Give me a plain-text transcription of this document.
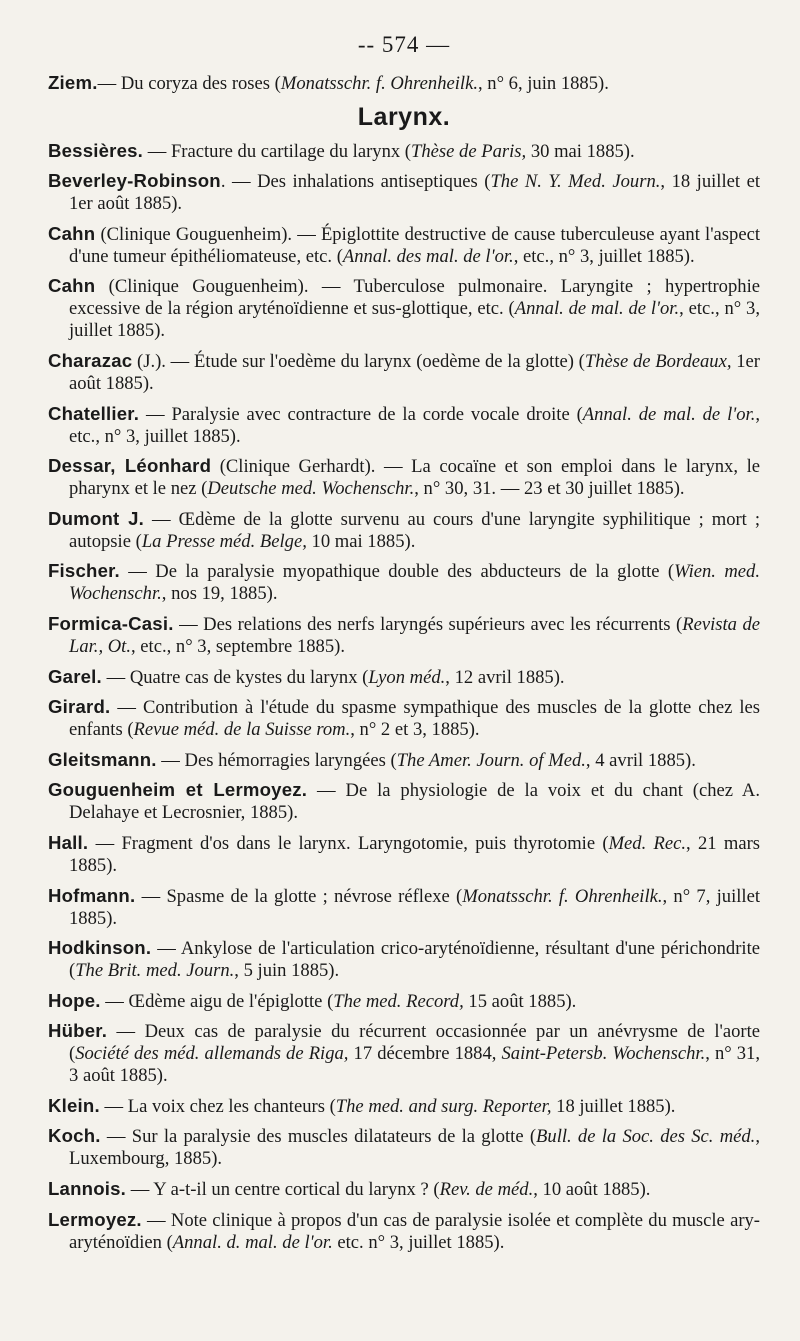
-- 574 —
Ziem.— Du coryza des roses (Monatsschr. f. Ohrenheilk., n° 6, juin 1885).
Larynx.
Bessières. — Fracture du cartilage du larynx (Thèse de Paris, 30 mai 1885).
Beverley-Robinson. — Des inhalations antiseptiques (The N. Y. Med. Journ., 18 juillet et 1er août 1885).
Cahn (Clinique Gouguenheim). — Épiglottite destructive de cause tuberculeuse ayant l'aspect d'une tumeur épithéliomateuse, etc. (Annal. des mal. de l'or., etc., n° 3, juillet 1885).
Cahn (Clinique Gouguenheim). — Tuberculose pulmonaire. Laryngite ; hypertrophie excessive de la région aryténoïdienne et sus-glottique, etc. (Annal. de mal. de l'or., etc., n° 3, juillet 1885).
Charazac (J.). — Étude sur l'oedème du larynx (oedème de la glotte) (Thèse de Bordeaux, 1er août 1885).
Chatellier. — Paralysie avec contracture de la corde vocale droite (Annal. de mal. de l'or., etc., n° 3, juillet 1885).
Dessar, Léonhard (Clinique Gerhardt). — La cocaïne et son emploi dans le larynx, le pharynx et le nez (Deutsche med. Wochenschr., n° 30, 31. — 23 et 30 juillet 1885).
Dumont J. — Œdème de la glotte survenu au cours d'une laryngite syphilitique ; mort ; autopsie (La Presse méd. Belge, 10 mai 1885).
Fischer. — De la paralysie myopathique double des abducteurs de la glotte (Wien. med. Wochenschr., nos 19, 1885).
Formica-Casi. — Des relations des nerfs laryngés supérieurs avec les récurrents (Revista de Lar., Ot., etc., n° 3, septembre 1885).
Garel. — Quatre cas de kystes du larynx (Lyon méd., 12 avril 1885).
Girard. — Contribution à l'étude du spasme sympathique des muscles de la glotte chez les enfants (Revue méd. de la Suisse rom., n° 2 et 3, 1885).
Gleitsmann. — Des hémorragies laryngées (The Amer. Journ. of Med., 4 avril 1885).
Gouguenheim et Lermoyez. — De la physiologie de la voix et du chant (chez A. Delahaye et Lecrosnier, 1885).
Hall. — Fragment d'os dans le larynx. Laryngotomie, puis thyrotomie (Med. Rec., 21 mars 1885).
Hofmann. — Spasme de la glotte ; névrose réflexe (Monatsschr. f. Ohrenheilk., n° 7, juillet 1885).
Hodkinson. — Ankylose de l'articulation crico-aryténoïdienne, résultant d'une périchondrite (The Brit. med. Journ., 5 juin 1885).
Hope. — Œdème aigu de l'épiglotte (The med. Record, 15 août 1885).
Hüber. — Deux cas de paralysie du récurrent occasionnée par un anévrysme de l'aorte (Société des méd. allemands de Riga, 17 décembre 1884, Saint-Petersb. Wochenschr., n° 31, 3 août 1885).
Klein. — La voix chez les chanteurs (The med. and surg. Reporter, 18 juillet 1885).
Koch. — Sur la paralysie des muscles dilatateurs de la glotte (Bull. de la Soc. des Sc. méd., Luxembourg, 1885).
Lannois. — Y a-t-il un centre cortical du larynx ? (Rev. de méd., 10 août 1885).
Lermoyez. — Note clinique à propos d'un cas de paralysie isolée et complète du muscle ary-aryténoïdien (Annal. d. mal. de l'or. etc. n° 3, juillet 1885).
